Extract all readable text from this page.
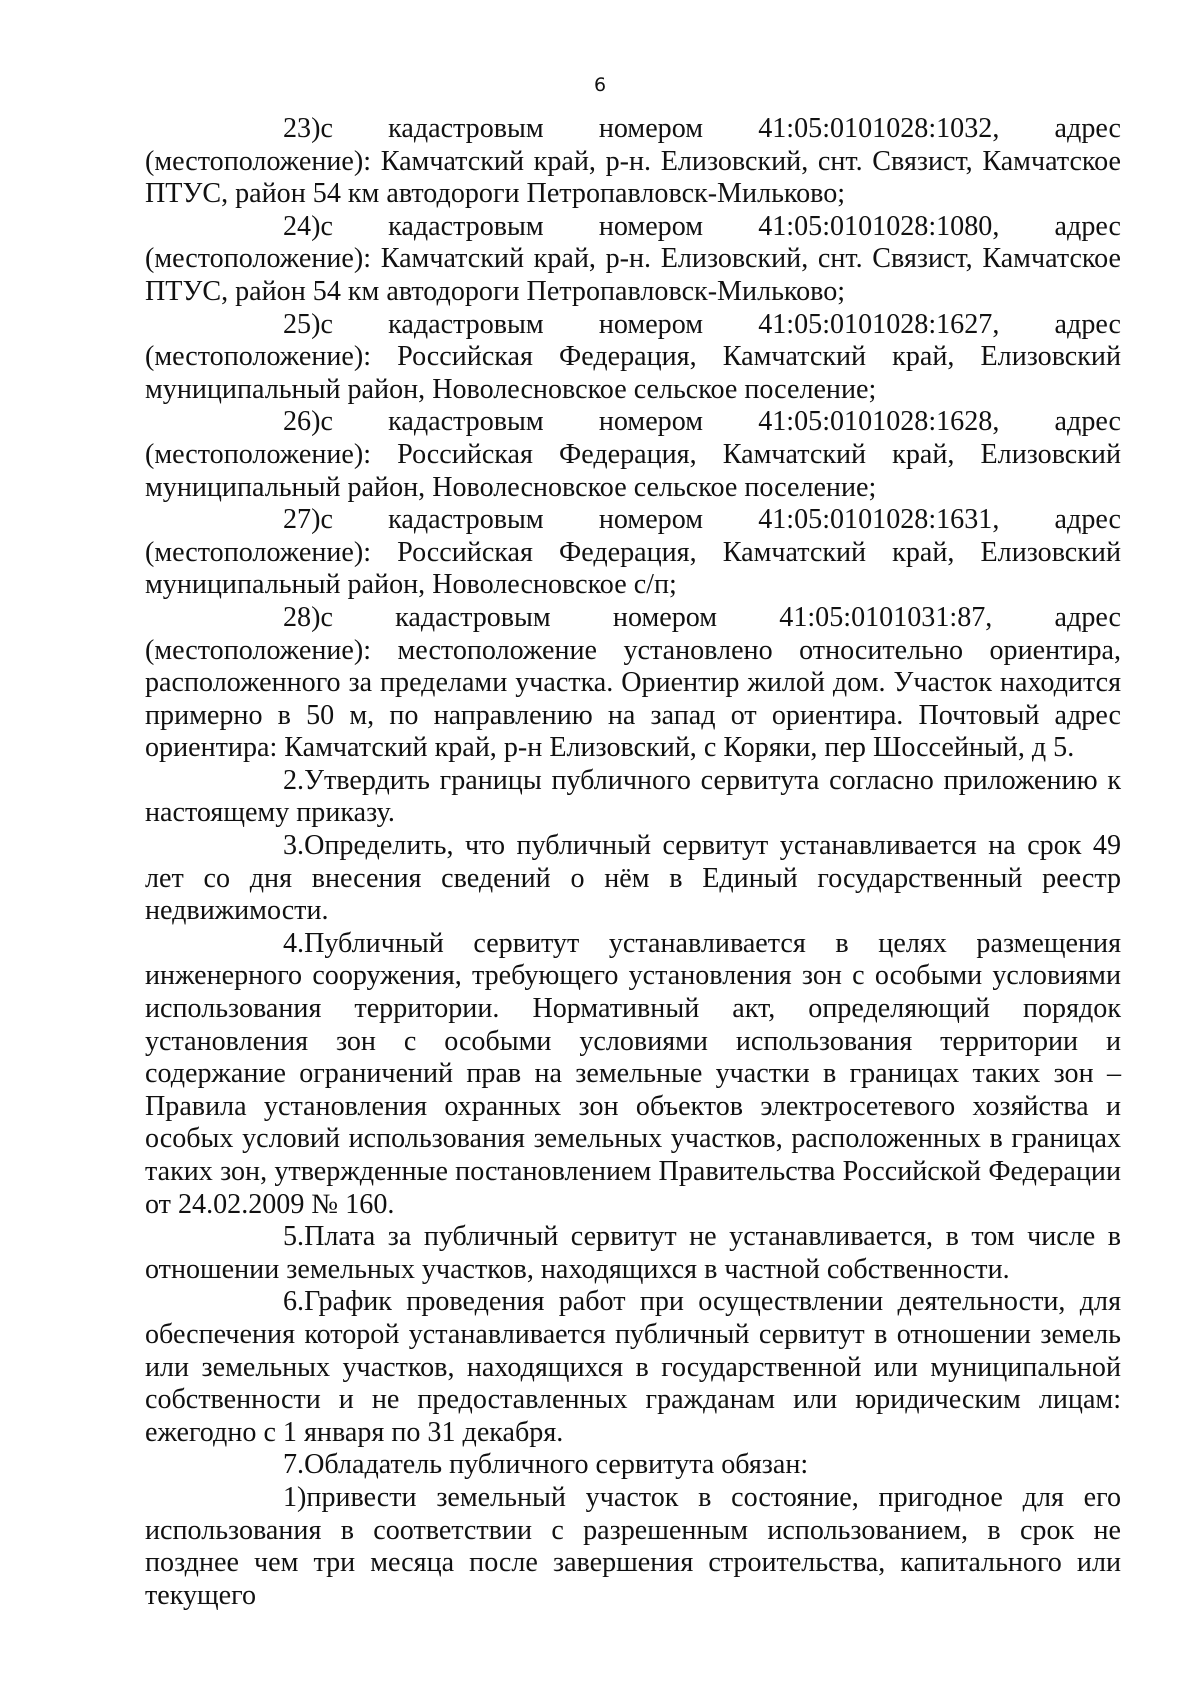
6

23)с кадастровым номером 41:05:0101028:1032, адрес (местоположение): Камчатский край, р-н. Елизовский, снт. Связист, Камчатское ПТУС, район 54 км автодороги Петропавловск-Мильково;

24)с кадастровым номером 41:05:0101028:1080, адрес (местоположение): Камчатский край, р-н. Елизовский, снт. Связист, Камчатское ПТУС, район 54 км автодороги Петропавловск-Мильково;

25)с кадастровым номером 41:05:0101028:1627, адрес (местоположение): Российская Федерация, Камчатский край, Елизовский муниципальный район, Новолесновское сельское поселение;

26)с кадастровым номером 41:05:0101028:1628, адрес (местоположение): Российская Федерация, Камчатский край, Елизовский муниципальный район, Новолесновское сельское поселение;

27)с кадастровым номером 41:05:0101028:1631, адрес (местоположение): Российская Федерация, Камчатский край, Елизовский муниципальный район, Новолесновское с/п;

28)с кадастровым номером 41:05:0101031:87, адрес (местоположение): местоположение установлено относительно ориентира, расположенного за пределами участка. Ориентир жилой дом. Участок находится примерно в 50 м, по направлению на запад от ориентира. Почтовый адрес ориентира: Камчатский край, р-н Елизовский, с Коряки, пер Шоссейный, д 5.

2.Утвердить границы публичного сервитута согласно приложению к настоящему приказу.

3.Определить, что публичный сервитут устанавливается на срок 49 лет со дня внесения сведений о нём в Единый государственный реестр недвижимости.

4.Публичный сервитут устанавливается в целях размещения инженерного сооружения, требующего установления зон с особыми условиями использования территории. Нормативный акт, определяющий порядок установления зон с особыми условиями использования территории и содержание ограничений прав на земельные участки в границах таких зон – Правила установления охранных зон объектов электросетевого хозяйства и особых условий использования земельных участков, расположенных в границах таких зон, утвержденные постановлением Правительства Российской Федерации от 24.02.2009 № 160.

5.Плата за публичный сервитут не устанавливается, в том числе в отношении земельных участков, находящихся в частной собственности.

6.График проведения работ при осуществлении деятельности, для обеспечения которой устанавливается публичный сервитут в отношении земель или земельных участков, находящихся в государственной или муниципальной собственности и не предоставленных гражданам или юридическим лицам: ежегодно с 1 января по 31 декабря.

7.Обладатель публичного сервитута обязан:

1)привести земельный участок в состояние, пригодное для его использования в соответствии с разрешенным использованием, в срок не позднее чем три месяца после завершения строительства, капитального или текущего
